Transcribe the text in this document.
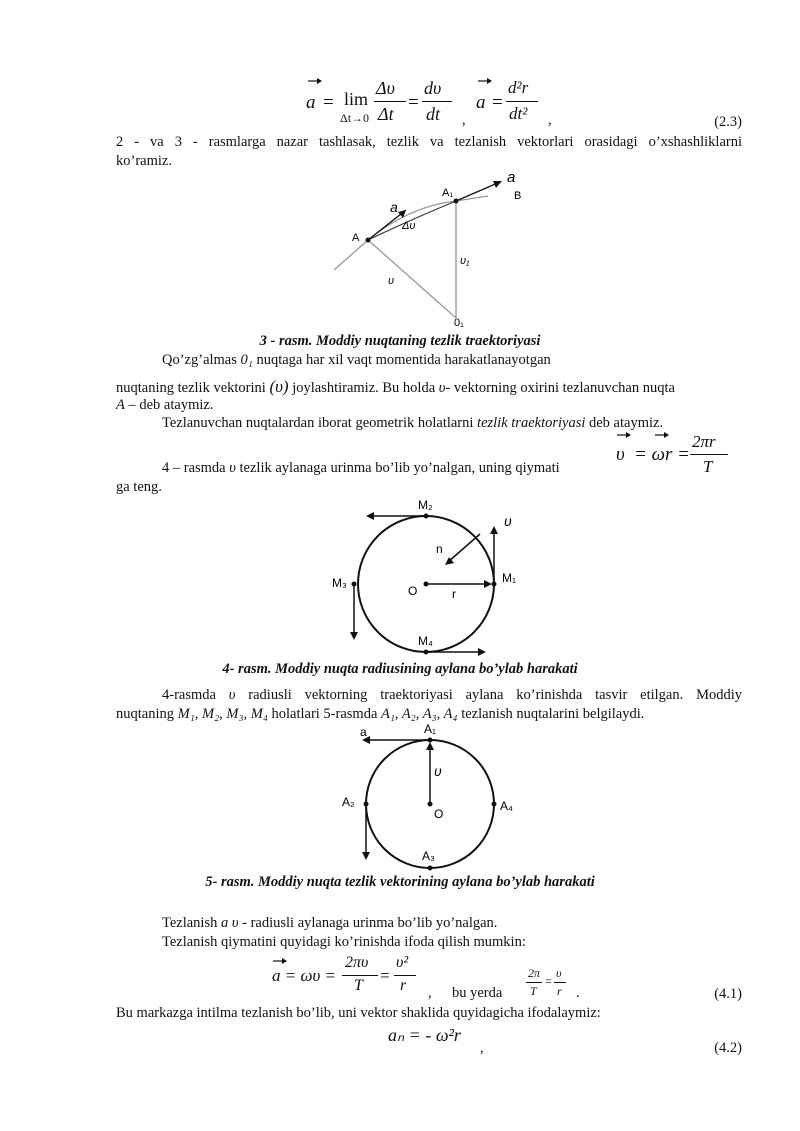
a = lim
Δt→0
Δυ
Δt
=
dυ
dt ,
a =
d²r
dt² ,	(2.3)
2 - va 3 - rasmlarga nazar tashlasak, tezlik va tezlanish vektorlari orasidagi o’xshashliklarni
ko’ramiz.
a
a
A₁	B
A
Δυ
υ₁
υ
0₁
3 - rasm. Moddiy nuqtaning tezlik traektoriyasi
Qo’zg’almas 0₁ nuqtaga har xil vaqt momentida harakatlanayotgan
nuqtaning tezlik vektorini (υ) joylashtiramiz. Bu holda υ- vektorning oxirini tezlanuvchan nuqta
A – deb ataymiz.
Tezlanuvchan nuqtalardan iborat geometrik holatlarni tezlik traektoriyasi deb ataymiz.
υ = ωr =
2πr
T
4 – rasmda υ tezlik aylanaga urinma bo’lib yo’nalgan, uning qiymati
ga teng.
M₂
M₁
M₃
M₄
O
n
r
υ
4- rasm. Moddiy nuqta radiusining aylana bo’ylab harakati
4-rasmda υ radiusli vektorning traektoriyasi aylana ko’rinishda tasvir etilgan. Moddiy
nuqtaning M₁, M₂, M₃, M₄ holatlari 5-rasmda A₁, A₂, A₃, A₄ tezlanish nuqtalarini belgilaydi.
a	A₁
A₂
A₃
A₄
O
υ
5- rasm. Moddiy nuqta tezlik vektorining aylana bo’ylab harakati
Tezlanish a υ - radiusli aylanaga urinma bo’lib yo’nalgan.
Tezlanish qiymatini quyidagi ko’rinishda ifoda qilish mumkin:
a = ωυ =
2πυ
T
=
υ²
r , bu yerda
2π
T
=
υ
r .	(4.1)
Bu markazga intilma tezlanish bo’lib, uni vektor shaklida quyidagicha ifodalaymiz:
aₙ = - ω²r
,	(4.2)
